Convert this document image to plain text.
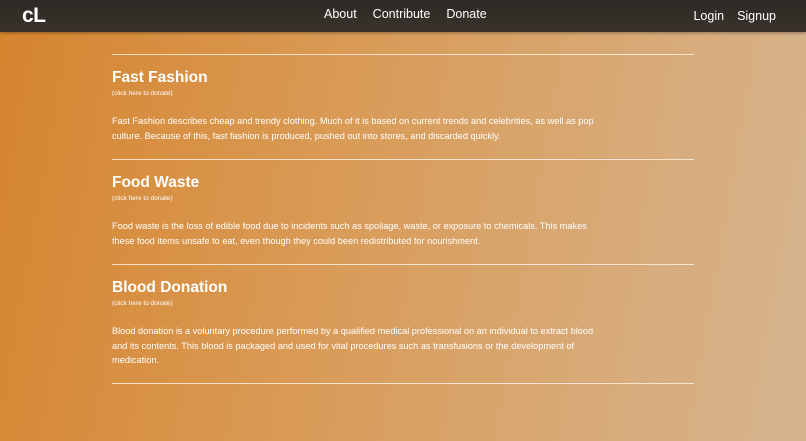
cL	About Contribute Donate	Login Signup
Fast Fashion
(click here to donate)

Fast Fashion describes cheap and trendy clothing. Much of it is based on current trends and celebrities, as well as pop culture. Because of this, fast fashion is produced, pushed out into stores, and discarded quickly.

Food Waste
(click here to donate)

Food waste is the loss of edible food due to incidents such as spoilage, waste, or exposure to chemicals. This makes these food items unsafe to eat, even though they could been redistributed for nourishment.

Blood Donation
(click here to donate)

Blood donation is a voluntary procedure performed by a qualified medical professional on an individual to extract blood and its contents. This blood is packaged and used for vital procedures such as transfusions or the development of medication.
